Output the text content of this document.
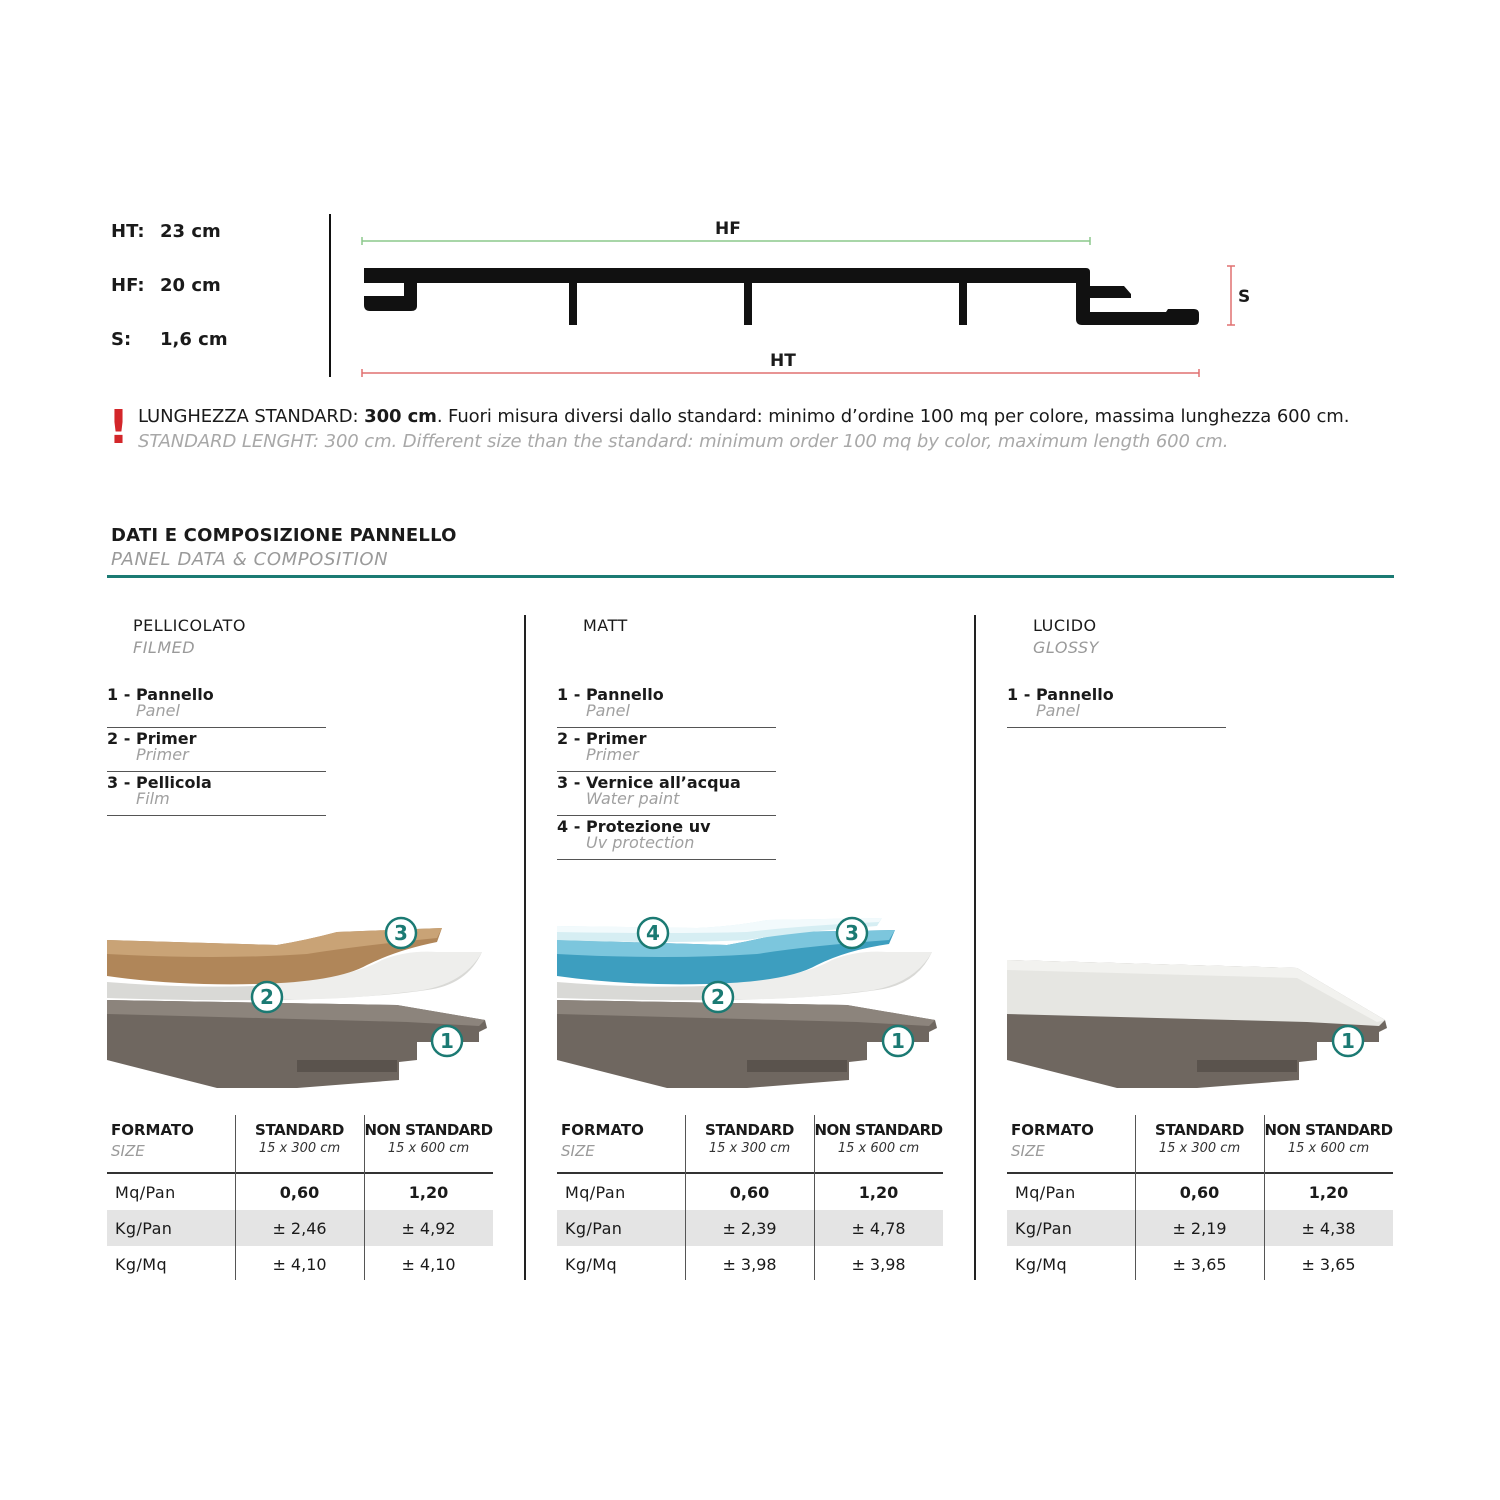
HT: 23 cm
HF: 20 cm
S: 1,6 cm
HF
HT
S
! LUNGHEZZA STANDARD: 300 cm. Fuori misura diversi dallo standard: minimo d’ordine 100 mq per colore, massima lunghezza 600 cm.
STANDARD LENGHT: 300 cm. Different size than the standard: minimum order 100 mq by color, maximum length 600 cm.
DATI E COMPOSIZIONE PANNELLO
PANEL DATA & COMPOSITION
PELLICOLATO
FILMED
1 - Pannello
Panel
2 - Primer
Primer
3 - Pellicola
Film
1
2
3
FORMATO
SIZE
STANDARD
15 x 300 cm
NON STANDARD
15 x 600 cm
Mq/Pan	0,60	1,20
Kg/Pan	± 2,46	± 4,92
Kg/Mq	± 4,10	± 4,10
MATT
1 - Pannello
Panel
2 - Primer
Primer
3 - Vernice all’acqua
Water paint
4 - Protezione uv
Uv protection
1
2
3
4
FORMATO
SIZE
STANDARD
15 x 300 cm
NON STANDARD
15 x 600 cm
Mq/Pan	0,60	1,20
Kg/Pan	± 2,39	± 4,78
Kg/Mq	± 3,98	± 3,98
LUCIDO
GLOSSY
1 - Pannello
Panel
1
FORMATO
SIZE
STANDARD
15 x 300 cm
NON STANDARD
15 x 600 cm
Mq/Pan	0,60	1,20
Kg/Pan	± 2,19	± 4,38
Kg/Mq	± 3,65	± 3,65
